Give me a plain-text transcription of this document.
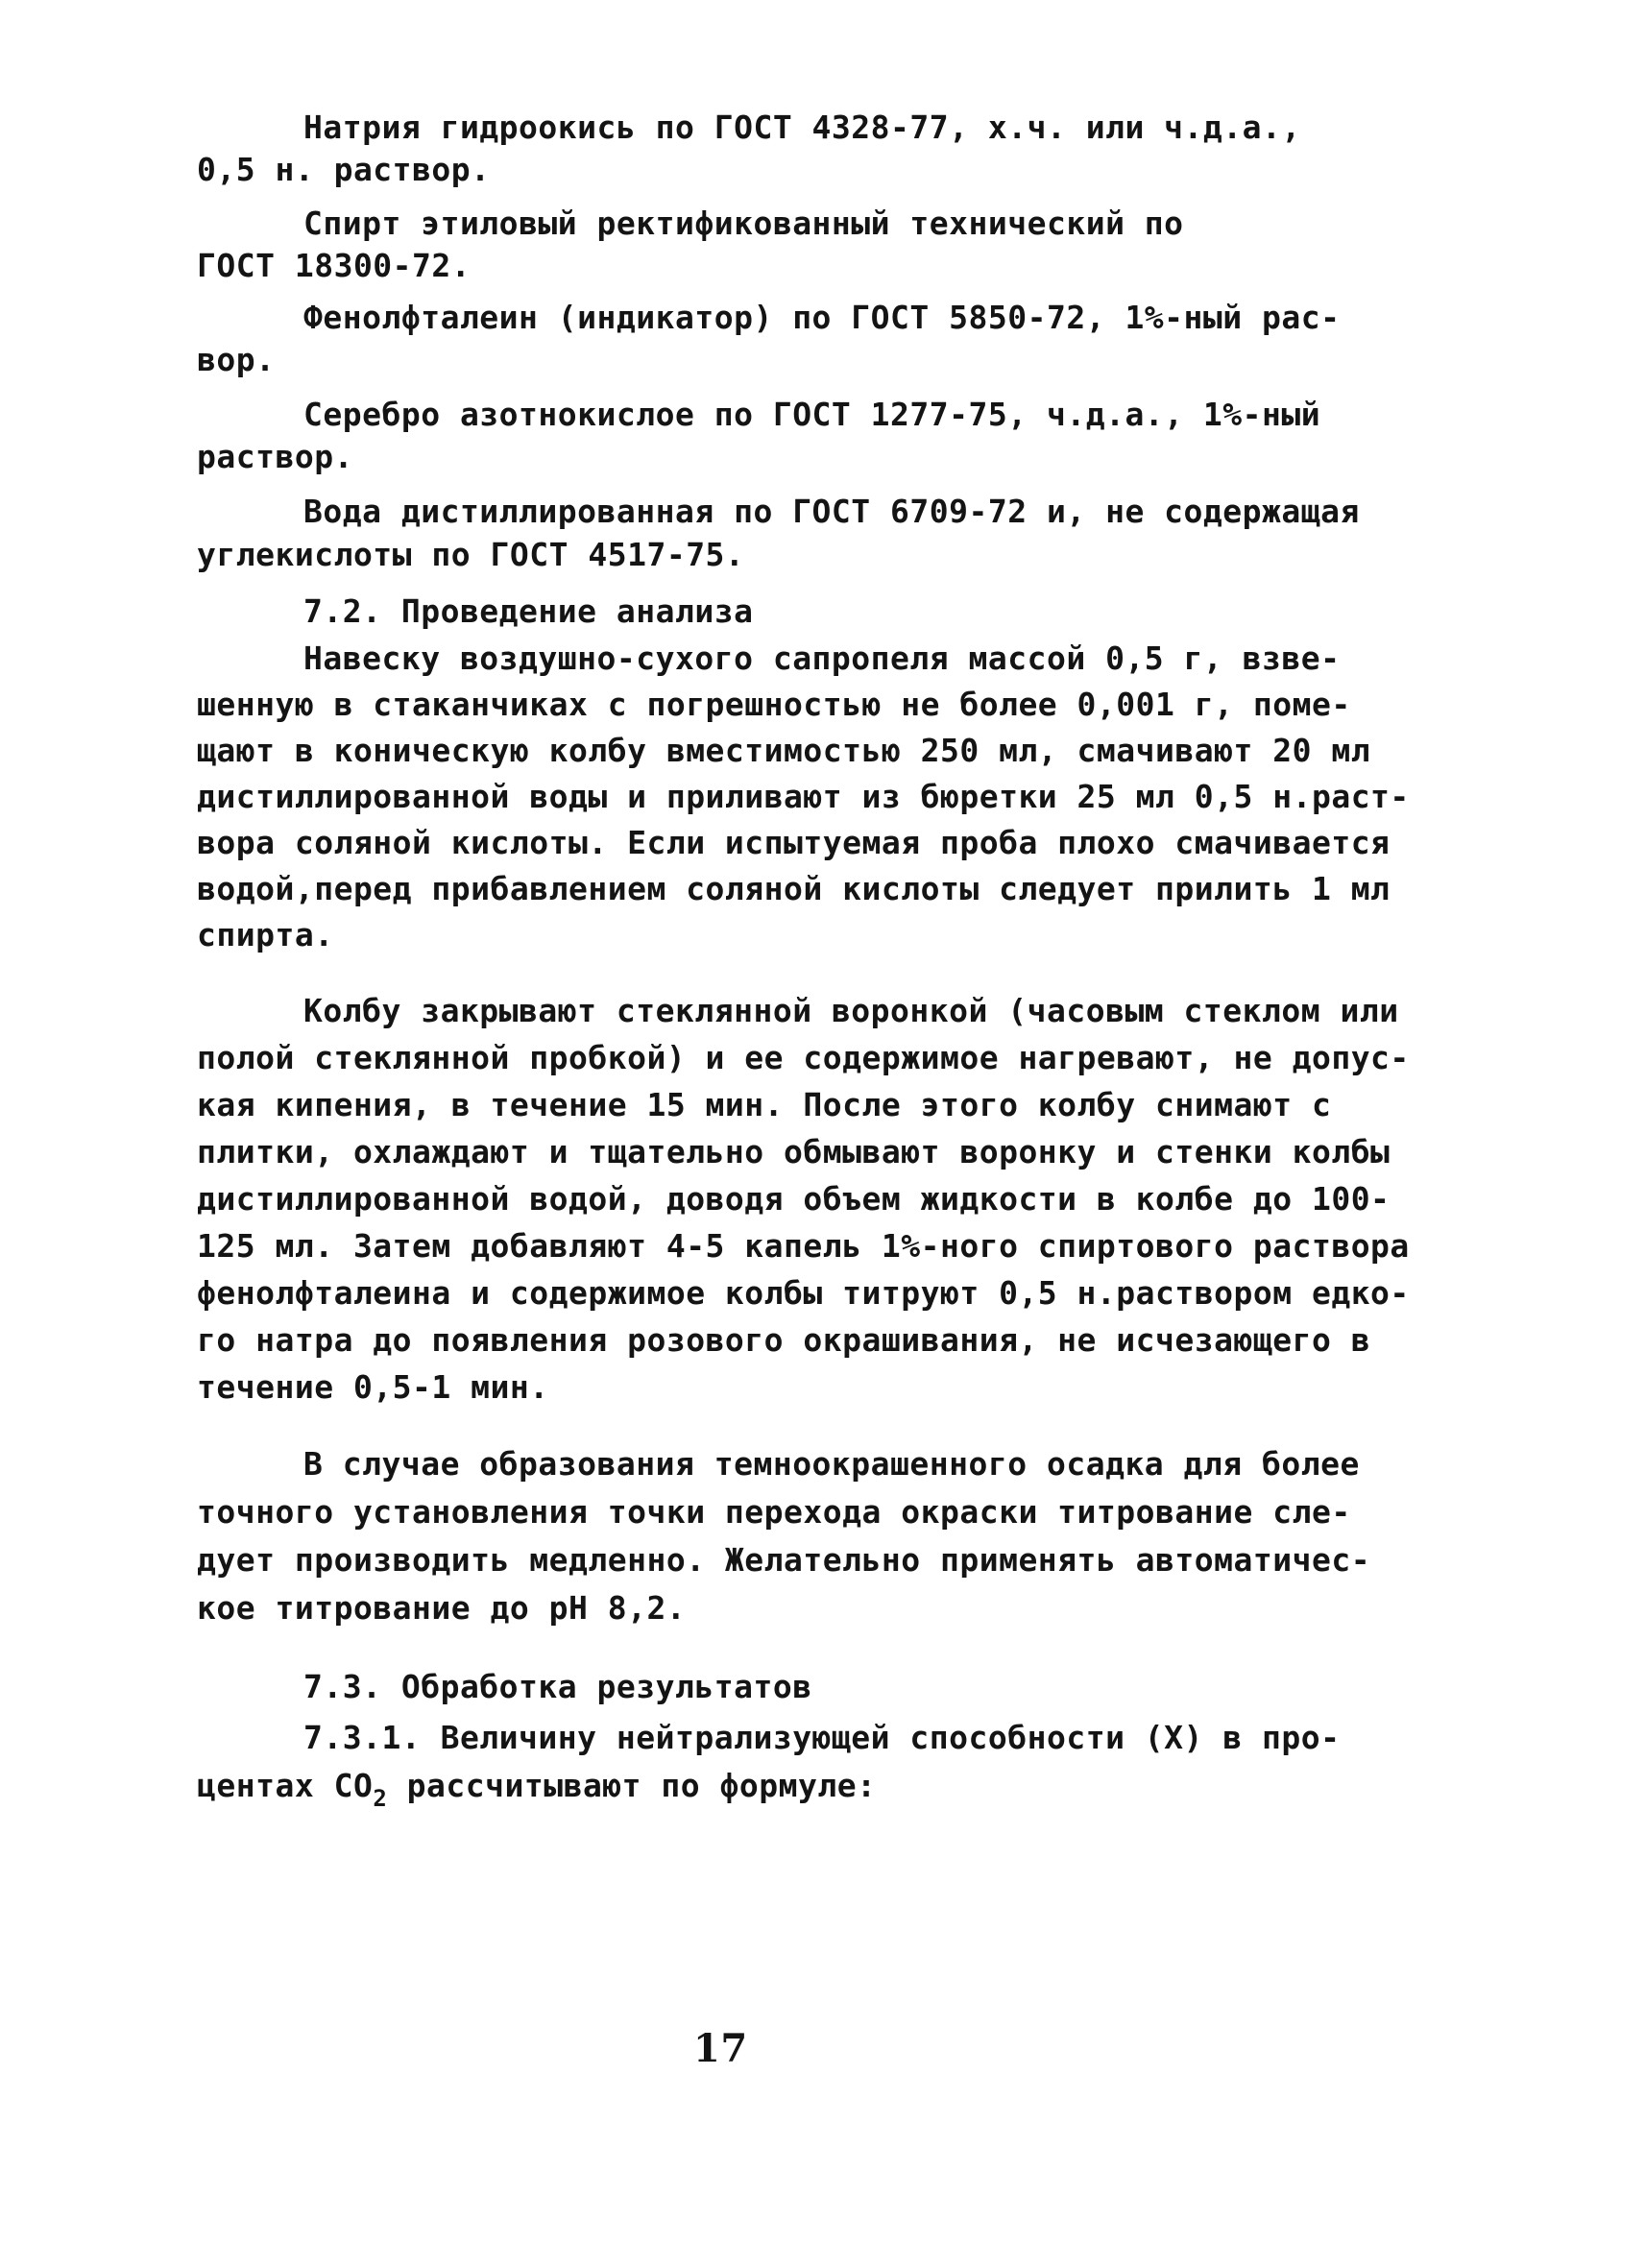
Натрия гидроокись по ГОСТ 4328-77, х.ч. или ч.д.а.,
0,5 н. раствор.
Спирт этиловый ректификованный технический по
ГОСТ 18300-72.
Фенолфталеин (индикатор) по ГОСТ 5850-72, 1%-ный рас-
вор.
Серебро азотнокислое по ГОСТ 1277-75, ч.д.а., 1%-ный
раствор.
Вода дистиллированная по ГОСТ 6709-72 и, не содержащая
углекислоты по ГОСТ 4517-75.
7.2. Проведение анализа
Навеску воздушно-сухого сапропеля массой 0,5 г, взве-
шенную в стаканчиках с погрешностью не более 0,001 г, поме-
щают в коническую колбу вместимостью 250 мл, смачивают 20 мл
дистиллированной воды и приливают из бюретки 25 мл 0,5 н.раст-
вора соляной кислоты. Если испытуемая проба плохо смачивается
водой,перед прибавлением соляной кислоты следует прилить 1 мл
спирта.
Колбу закрывают стеклянной воронкой (часовым стеклом или
полой стеклянной пробкой) и ее содержимое нагревают, не допус-
кая кипения, в течение 15 мин. После этого колбу снимают с
плитки, охлаждают и тщательно обмывают воронку и стенки колбы
дистиллированной водой, доводя объем жидкости в колбе до 100-
125 мл. Затем добавляют 4-5 капель 1%-ного спиртового раствора
фенолфталеина и содержимое колбы титруют 0,5 н.раствором едко-
го натра до появления розового окрашивания, не исчезающего в
течение 0,5-1 мин.
В случае образования темноокрашенного осадка для более
точного установления точки перехода окраски титрование сле-
дует производить медленно. Желательно применять автоматичес-
кое титрование до pH 8,2.
7.3. Обработка результатов
7.3.1. Величину нейтрализующей способности (X) в про-
центах $CO_2$ рассчитывают по формуле:
17
